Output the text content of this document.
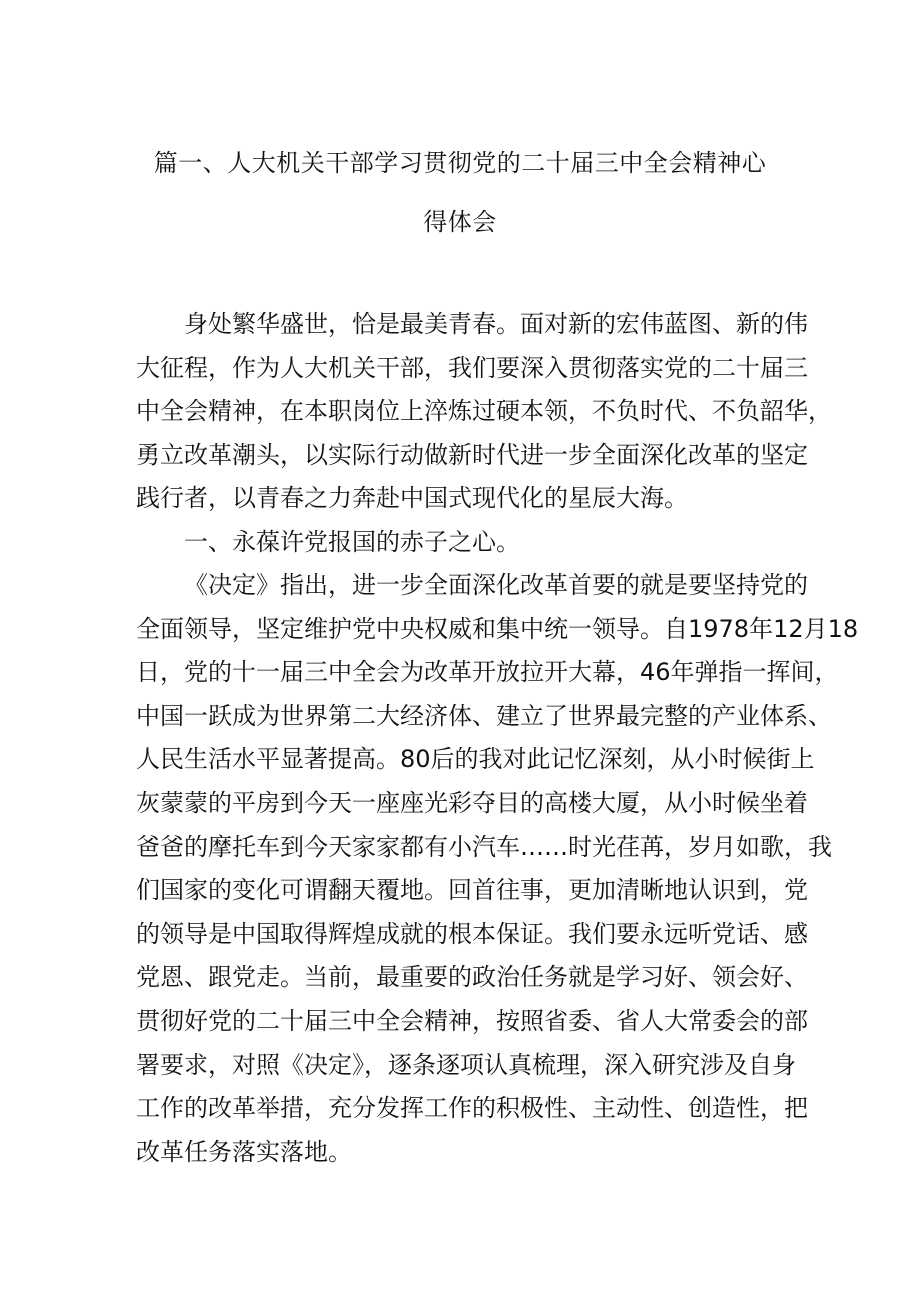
篇一、人大机关干部学习贯彻党的二十届三中全会精神心
得体会
身处繁华盛世，恰是最美青春。面对新的宏伟蓝图、新的伟
大征程，作为人大机关干部，我们要深入贯彻落实党的二十届三
中全会精神，在本职岗位上淬炼过硬本领，不负时代、不负韶华，
勇立改革潮头，以实际行动做新时代进一步全面深化改革的坚定
践行者，以青春之力奔赴中国式现代化的星辰大海。
一、永葆许党报国的赤子之心。
《决定》指出，进一步全面深化改革首要的就是要坚持党的
全面领导，坚定维护党中央权威和集中统一领导。自1978年12月18
日，党的十一届三中全会为改革开放拉开大幕，46年弹指一挥间，
中国一跃成为世界第二大经济体、建立了世界最完整的产业体系、
人民生活水平显著提高。80后的我对此记忆深刻，从小时候街上
灰蒙蒙的平房到今天一座座光彩夺目的高楼大厦，从小时候坐着
爸爸的摩托车到今天家家都有小汽车……时光荏苒，岁月如歌，我
们国家的变化可谓翻天覆地。回首往事，更加清晰地认识到，党
的领导是中国取得辉煌成就的根本保证。我们要永远听党话、感
党恩、跟党走。当前，最重要的政治任务就是学习好、领会好、
贯彻好党的二十届三中全会精神，按照省委、省人大常委会的部
署要求，对照《决定》，逐条逐项认真梳理，深入研究涉及自身
工作的改革举措，充分发挥工作的积极性、主动性、创造性，把
改革任务落实落地。
